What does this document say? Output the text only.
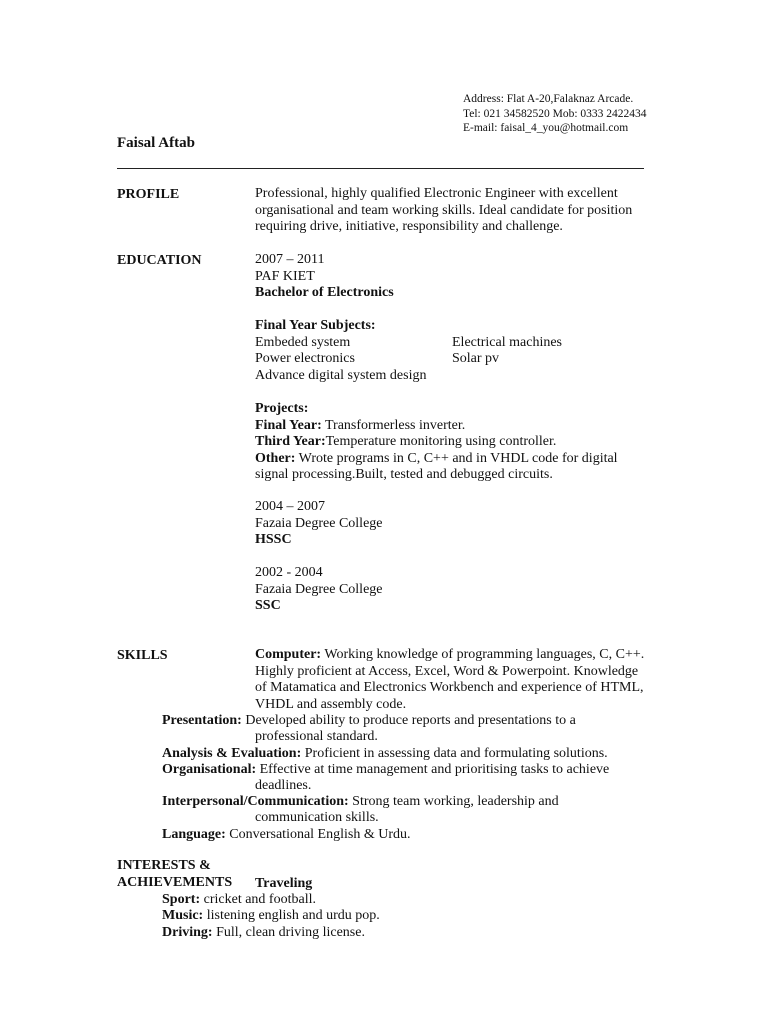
Address: Flat A-20,Falaknaz Arcade.
Tel: 021 34582520 Mob: 0333 2422434
E-mail: faisal_4_you@hotmail.com
Faisal Aftab
PROFILE	Professional, highly qualified Electronic Engineer with excellent
organisational and team working skills. Ideal candidate for position
requiring drive, initiative, responsibility and challenge.
EDUCATION	2007 – 2011
PAF KIET
Bachelor of Electronics
Final Year Subjects:
Embeded system	Electrical machines
Power electronics	Solar pv
Advance digital system design
Projects:
Final Year: Transformerless inverter.
Third Year:Temperature monitoring using controller.
Other: Wrote programs in C, C++ and in VHDL code for digital
signal processing.Built, tested and debugged circuits.
2004 – 2007
Fazaia Degree College
HSSC
2002 - 2004
Fazaia Degree College
SSC
SKILLS	Computer: Working knowledge of programming languages, C, C++.
Highly proficient at Access, Excel, Word & Powerpoint. Knowledge
of Matamatica and Electronics Workbench and experience of HTML,
VHDL and assembly code.
Presentation: Developed ability to produce reports and presentations to a
professional standard.
Analysis & Evaluation: Proficient in assessing data and formulating solutions.
Organisational: Effective at time management and prioritising tasks to achieve
deadlines.
Interpersonal/Communication: Strong team working, leadership and
communication skills.
Language: Conversational English & Urdu.
INTERESTS &
ACHIEVEMENTS Traveling
Sport: cricket and football.
Music: listening english and urdu pop.
Driving: Full, clean driving license.
